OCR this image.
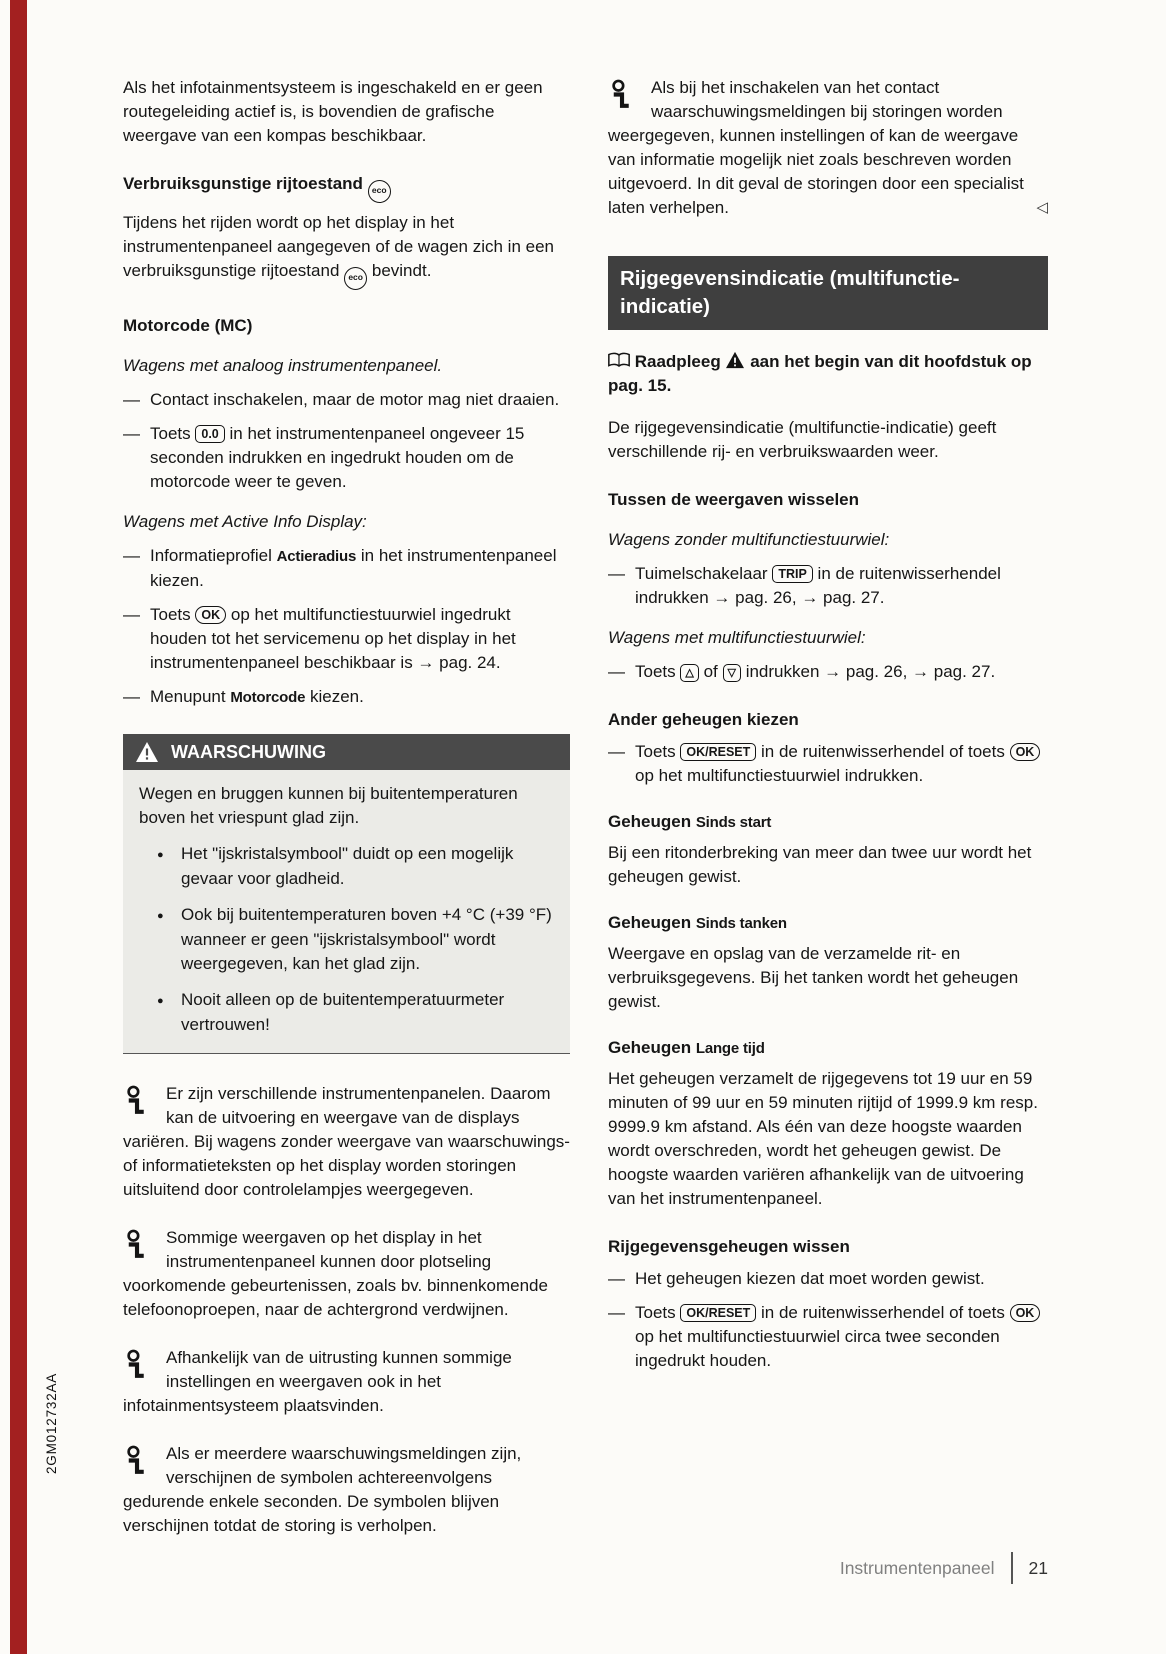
2GM012732AA

Als het infotainmentsysteem is ingeschakeld en er geen routegeleiding actief is, is bovendien de grafische weergave van een kompas beschikbaar.

Verbruiksgunstige rijtoestand eco

Tijdens het rijden wordt op het display in het instrumentenpaneel aangegeven of de wagen zich in een verbruiksgunstige rijtoestand eco bevindt.

Motorcode (MC)

Wagens met analoog instrumentenpaneel.

— Contact inschakelen, maar de motor mag niet draaien.

— Toets 0.0 in het instrumentenpaneel ongeveer 15 seconden indrukken en ingedrukt houden om de motorcode weer te geven.

Wagens met Active Info Display:

— Informatieprofiel Actieradius in het instrumentenpaneel kiezen.

— Toets OK op het multifunctiestuurwiel ingedrukt houden tot het servicemenu op het display in het instrumentenpaneel beschikbaar is → pag. 24.

— Menupunt Motorcode kiezen.

WAARSCHUWING

Wegen en bruggen kunnen bij buitentemperaturen boven het vriespunt glad zijn.

● Het "ijskristalsymbool" duidt op een mogelijk gevaar voor gladheid.

● Ook bij buitentemperaturen boven +4 °C (+39 °F) wanneer er geen "ijskristalsymbool" wordt weergegeven, kan het glad zijn.

● Nooit alleen op de buitentemperatuurmeter vertrouwen!

Er zijn verschillende instrumentenpanelen. Daarom kan de uitvoering en weergave van de displays variëren. Bij wagens zonder weergave van waarschuwings- of informatieteksten op het display worden storingen uitsluitend door controlelampjes weergegeven.
Sommige weergaven op het display in het instrumentenpaneel kunnen door plotseling voorkomende gebeurtenissen, zoals bv. binnenkomende telefoonoproepen, naar de achtergrond verdwijnen.
Afhankelijk van de uitrusting kunnen sommige instellingen en weergaven ook in het infotainmentsysteem plaatsvinden.
Als er meerdere waarschuwingsmeldingen zijn, verschijnen de symbolen achtereenvolgens gedurende enkele seconden. De symbolen blijven verschijnen totdat de storing is verholpen.
Als bij het inschakelen van het contact waarschuwingsmeldingen bij storingen worden weergegeven, kunnen instellingen of kan de weergave van informatie mogelijk niet zoals beschreven worden uitgevoerd. In dit geval de storingen door een specialist laten verhelpen.	◁
Rijgegevensindicatie (multifunctie-indicatie)

Raadpleeg aan het begin van dit hoofdstuk op pag. 15.

De rijgegevensindicatie (multifunctie-indicatie) geeft verschillende rij- en verbruikswaarden weer.

Tussen de weergaven wisselen

Wagens zonder multifunctiestuurwiel:

— Tuimelschakelaar TRIP in de ruitenwisserhendel indrukken → pag. 26, → pag. 27.

Wagens met multifunctiestuurwiel:

— Toets △ of ▽ indrukken → pag. 26, → pag. 27.

Ander geheugen kiezen

— Toets OK/RESET in de ruitenwisserhendel of toets OK op het multifunctiestuurwiel indrukken.

Geheugen Sinds start

Bij een ritonderbreking van meer dan twee uur wordt het geheugen gewist.

Geheugen Sinds tanken

Weergave en opslag van de verzamelde rit- en verbruiksgegevens. Bij het tanken wordt het geheugen gewist.

Geheugen Lange tijd

Het geheugen verzamelt de rijgegevens tot 19 uur en 59 minuten of 99 uur en 59 minuten rijtijd of 1999.9 km resp. 9999.9 km afstand. Als één van deze hoogste waarden wordt overschreden, wordt het geheugen gewist. De hoogste waarden variëren afhankelijk van de uitvoering van het instrumentenpaneel.

Rijgegevensgeheugen wissen

— Het geheugen kiezen dat moet worden gewist.

— Toets OK/RESET in de ruitenwisserhendel of toets OK op het multifunctiestuurwiel circa twee seconden ingedrukt houden.

Instrumentenpaneel 21
